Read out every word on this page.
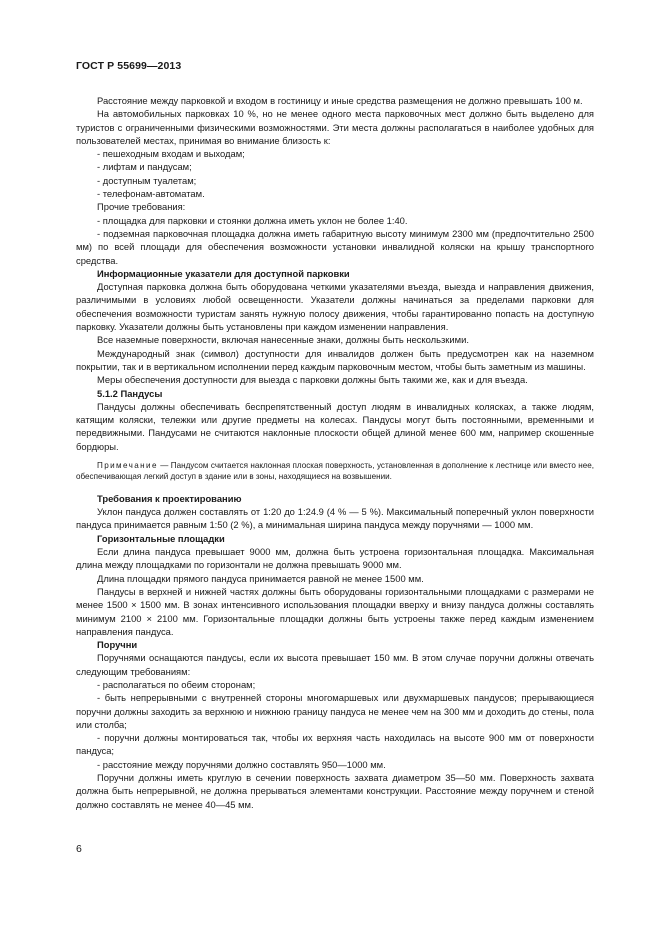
ГОСТ Р 55699—2013

Расстояние между парковкой и входом в гостиницу и иные средства размещения не должно превышать 100 м.

На автомобильных парковках 10 %, но не менее одного места парковочных мест должно быть выделено для туристов с ограниченными физическими возможностями. Эти места должны располагаться в наиболее удобных для пользователей местах, принимая во внимание близость к:

- пешеходным входам и выходам;

- лифтам и пандусам;

- доступным туалетам;

- телефонам-автоматам.

Прочие требования:

- площадка для парковки и стоянки должна иметь уклон не более 1:40.

- подземная парковочная площадка должна иметь габаритную высоту минимум 2300 мм (предпочтительно 2500 мм) по всей площади для обеспечения возможности установки инвалидной коляски на крышу транспортного средства.

Информационные указатели для доступной парковки

Доступная парковка должна быть оборудована четкими указателями въезда, выезда и направления движения, различимыми в условиях любой освещенности. Указатели должны начинаться за пределами парковки для обеспечения возможности туристам занять нужную полосу движения, чтобы гарантированно попасть на доступную парковку. Указатели должны быть установлены при каждом изменении направления.

Все наземные поверхности, включая нанесенные знаки, должны быть нескользкими.

Международный знак (символ) доступности для инвалидов должен быть предусмотрен как на наземном покрытии, так и в вертикальном исполнении перед каждым парковочным местом, чтобы быть заметным из машины.

Меры обеспечения доступности для выезда с парковки должны быть такими же, как и для въезда.

5.1.2 Пандусы

Пандусы должны обеспечивать беспрепятственный доступ людям в инвалидных колясках, а также людям, катящим коляски, тележки или другие предметы на колесах. Пандусы могут быть постоянными, временными и передвижными. Пандусами не считаются наклонные плоскости общей длиной менее 600 мм, например скошенные бордюры.

Примечание — Пандусом считается наклонная плоская поверхность, установленная в дополнение к лестнице или вместо нее, обеспечивающая легкий доступ в здание или в зоны, находящиеся на возвышении.

Требования к проектированию

Уклон пандуса должен составлять от 1:20 до 1:24.9 (4 % — 5 %). Максимальный поперечный уклон поверхности пандуса принимается равным 1:50 (2 %), а минимальная ширина пандуса между поручнями — 1000 мм.

Горизонтальные площадки

Если длина пандуса превышает 9000 мм, должна быть устроена горизонтальная площадка. Максимальная длина между площадками по горизонтали не должна превышать 9000 мм.

Длина площадки прямого пандуса принимается равной не менее 1500 мм.

Пандусы в верхней и нижней частях должны быть оборудованы горизонтальными площадками с размерами не менее 1500 × 1500 мм. В зонах интенсивного использования площадки вверху и внизу пандуса должны составлять минимум 2100 × 2100 мм. Горизонтальные площадки должны быть устроены также перед каждым изменением направления пандуса.

Поручни

Поручнями оснащаются пандусы, если их высота превышает 150 мм. В этом случае поручни должны отвечать следующим требованиям:

- располагаться по обеим сторонам;

- быть непрерывными с внутренней стороны многомаршевых или двухмаршевых пандусов; прерывающиеся поручни должны заходить за верхнюю и нижнюю границу пандуса не менее чем на 300 мм и доходить до стены, пола или столба;

- поручни должны монтироваться так, чтобы их верхняя часть находилась на высоте 900 мм от поверхности пандуса;

- расстояние между поручнями должно составлять 950—1000 мм.

Поручни должны иметь круглую в сечении поверхность захвата диаметром 35—50 мм. Поверхность захвата должна быть непрерывной, не должна прерываться элементами конструкции. Расстояние между поручнем и стеной должно составлять не менее 40—45 мм.

6
